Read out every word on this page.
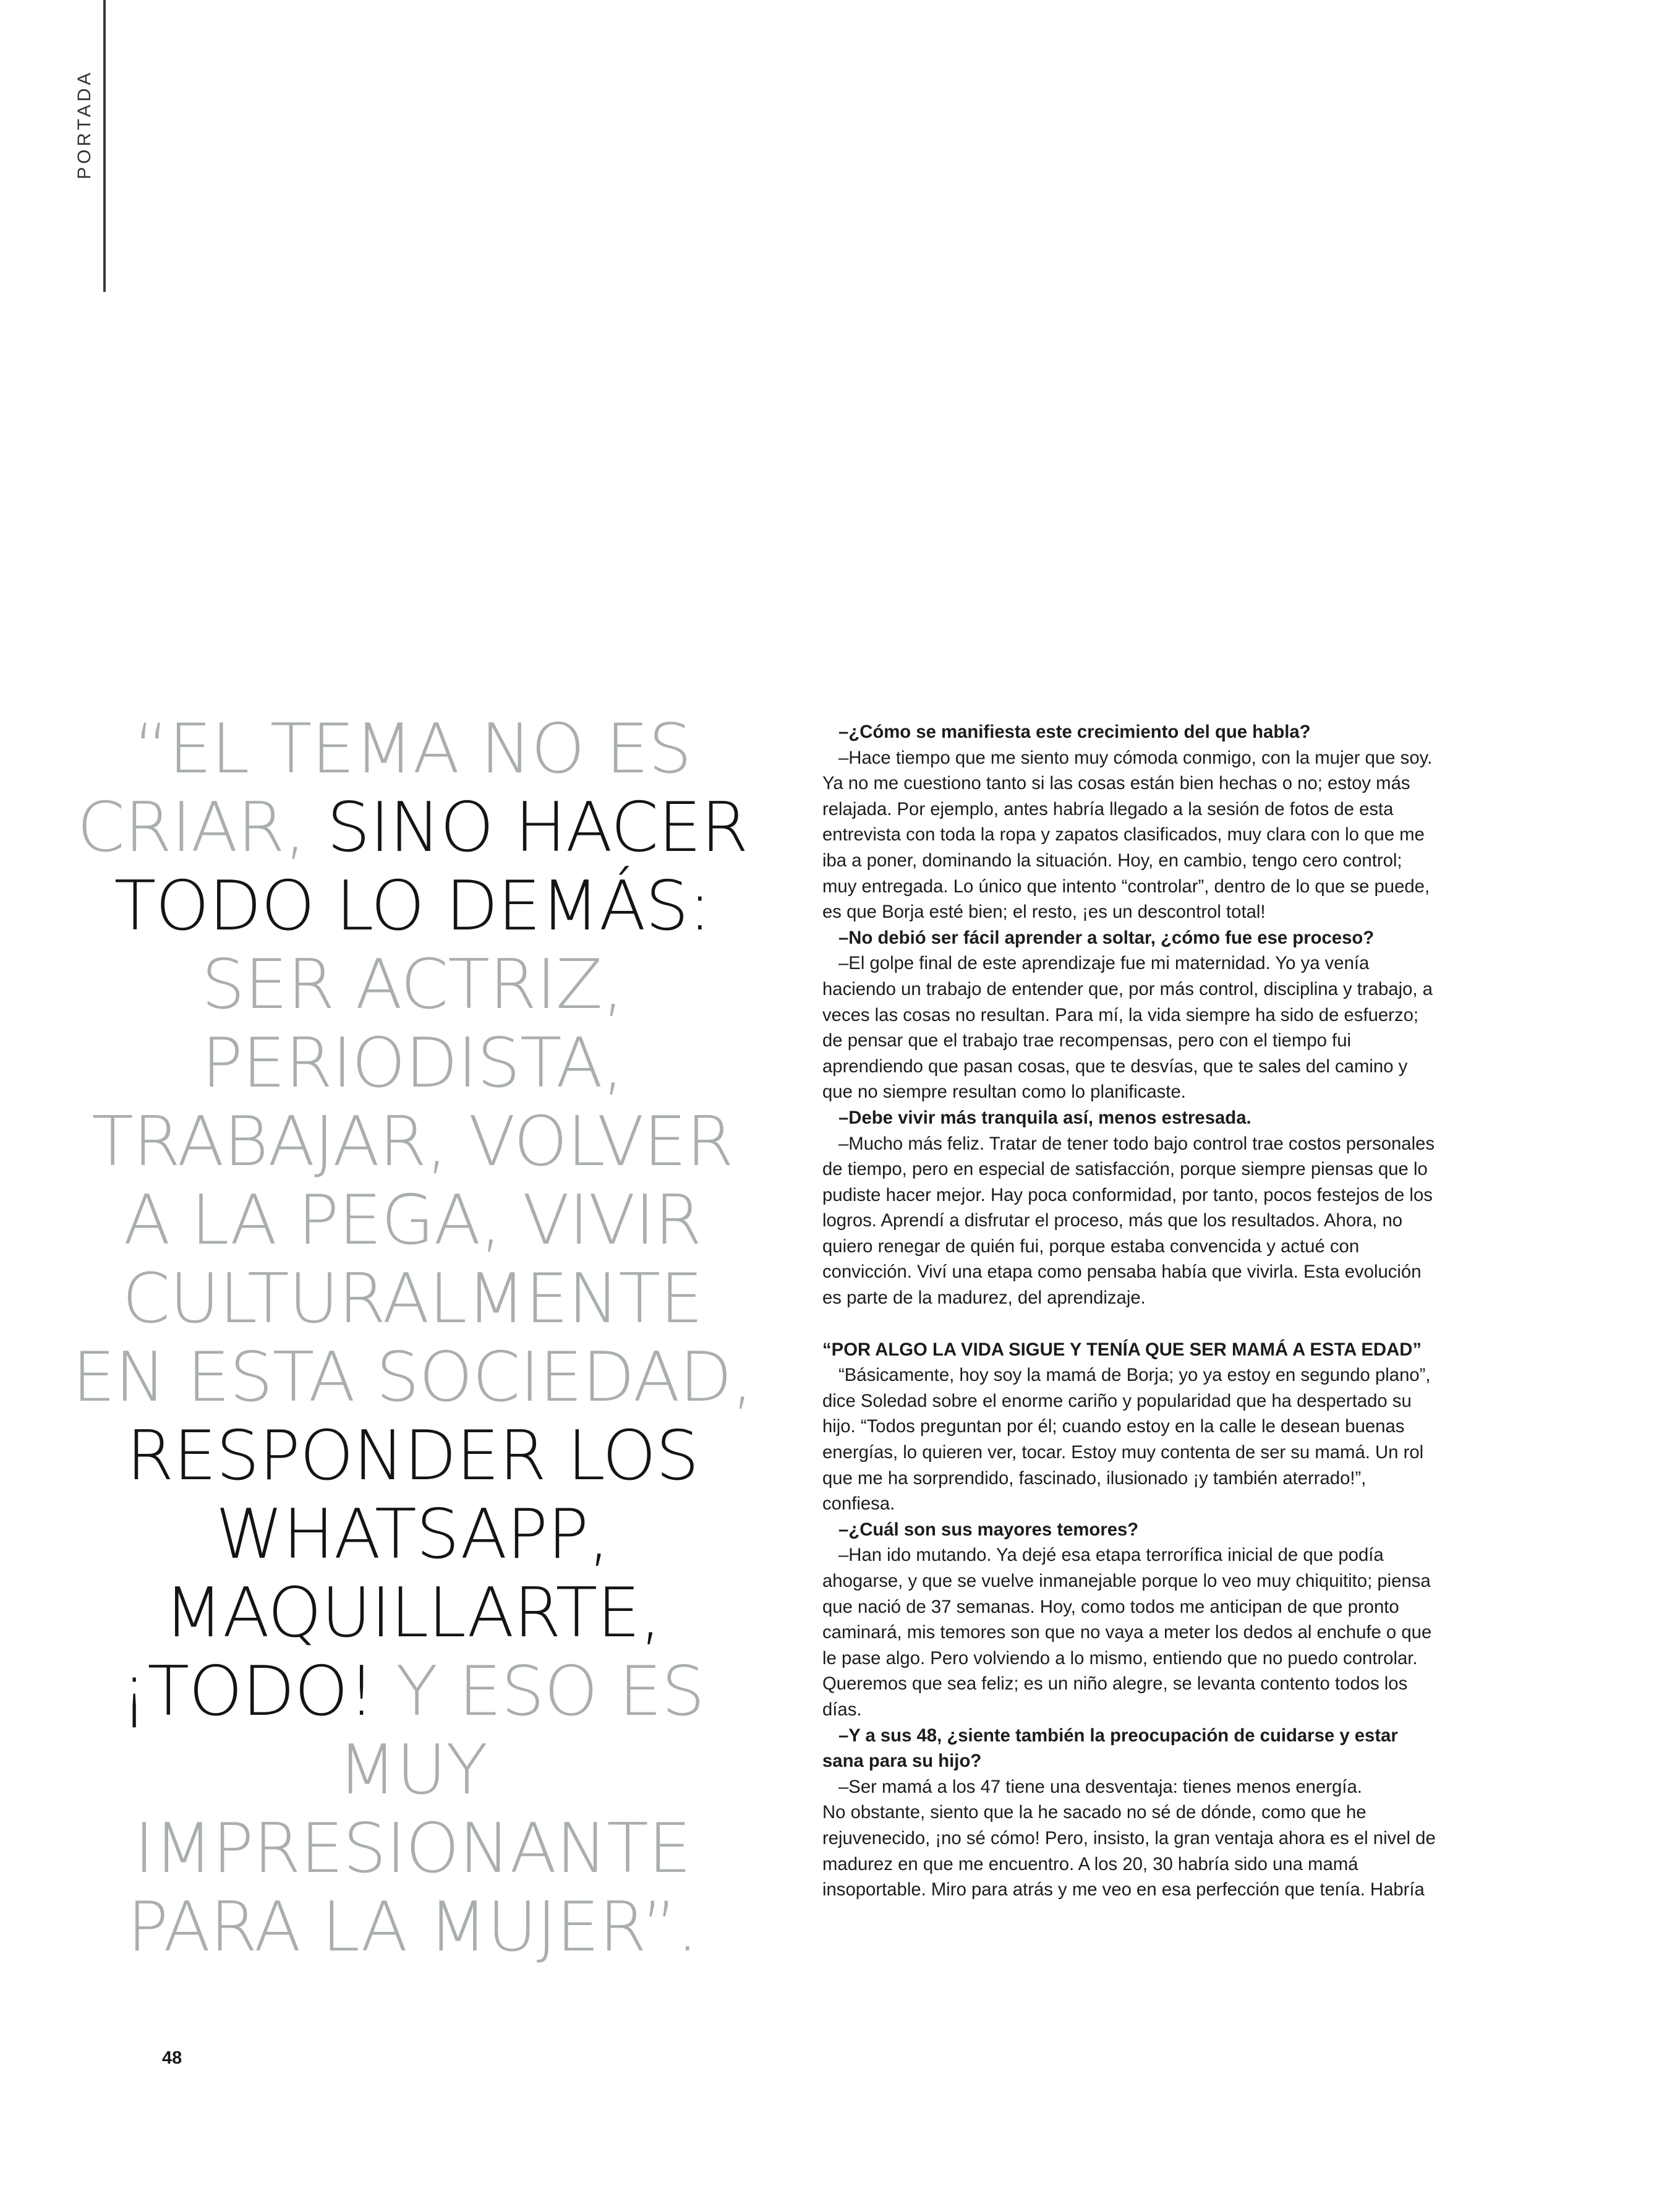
PORTADA
“EL TEMA NO ES CRIAR, SINO HACER TODO LO DEMÁS: SER ACTRIZ, PERIODISTA, TRABAJAR, VOLVER A LA PEGA, VIVIR CULTURALMENTE EN ESTA SOCIEDAD, RESPONDER LOS WHATSAPP, MAQUILLARTE, ¡TODO! Y ESO ES MUY IMPRESIONANTE PARA LA MUJER”.

–¿Cómo se manifiesta este crecimiento del que habla?

–Hace tiempo que me siento muy cómoda conmigo, con la mujer que soy. Ya no me cuestiono tanto si las cosas están bien hechas o no; estoy más relajada. Por ejemplo, antes habría llegado a la sesión de fotos de esta entrevista con toda la ropa y zapatos clasificados, muy clara con lo que me iba a poner, dominando la situación. Hoy, en cambio, tengo cero control; muy entregada. Lo único que intento “controlar”, dentro de lo que se puede, es que Borja esté bien; el resto, ¡es un descontrol total!

–No debió ser fácil aprender a soltar, ¿cómo fue ese proceso?

–El golpe final de este aprendizaje fue mi maternidad. Yo ya venía haciendo un trabajo de entender que, por más control, disciplina y trabajo, a veces las cosas no resultan. Para mí, la vida siempre ha sido de esfuerzo; de pensar que el trabajo trae recompensas, pero con el tiempo fui aprendiendo que pasan cosas, que te desvías, que te sales del camino y que no siempre resultan como lo planificaste.

–Debe vivir más tranquila así, menos estresada.

–Mucho más feliz. Tratar de tener todo bajo control trae costos personales de tiempo, pero en especial de satisfacción, porque siempre piensas que lo pudiste hacer mejor. Hay poca conformidad, por tanto, pocos festejos de los logros. Aprendí a disfrutar el proceso, más que los resultados. Ahora, no quiero renegar de quién fui, porque estaba convencida y actué con convicción. Viví una etapa como pensaba había que vivirla. Esta evolución es parte de la madurez, del aprendizaje.

“POR ALGO LA VIDA SIGUE Y TENÍA QUE SER MAMÁ A ESTA EDAD”

“Básicamente, hoy soy la mamá de Borja; yo ya estoy en segundo plano”, dice Soledad sobre el enorme cariño y popularidad que ha despertado su hijo. “Todos preguntan por él; cuando estoy en la calle le desean buenas energías, lo quieren ver, tocar. Estoy muy contenta de ser su mamá. Un rol que me ha sorprendido, fascinado, ilusionado ¡y también aterrado!”, confiesa.

–¿Cuál son sus mayores temores?

–Han ido mutando. Ya dejé esa etapa terrorífica inicial de que podía ahogarse, y que se vuelve inmanejable porque lo veo muy chiquitito; piensa que nació de 37 semanas. Hoy, como todos me anticipan de que pronto caminará, mis temores son que no vaya a meter los dedos al enchufe o que le pase algo. Pero volviendo a lo mismo, entiendo que no puedo controlar. Queremos que sea feliz; es un niño alegre, se levanta contento todos los días.

–Y a sus 48, ¿siente también la preocupación de cuidarse y estar sana para su hijo?

–Ser mamá a los 47 tiene una desventaja: tienes menos energía.

No obstante, siento que la he sacado no sé de dónde, como que he rejuvenecido, ¡no sé cómo! Pero, insisto, la gran ventaja ahora es el nivel de madurez en que me encuentro. A los 20, 30 habría sido una mamá insoportable. Miro para atrás y me veo en esa perfección que tenía. Habría

48
